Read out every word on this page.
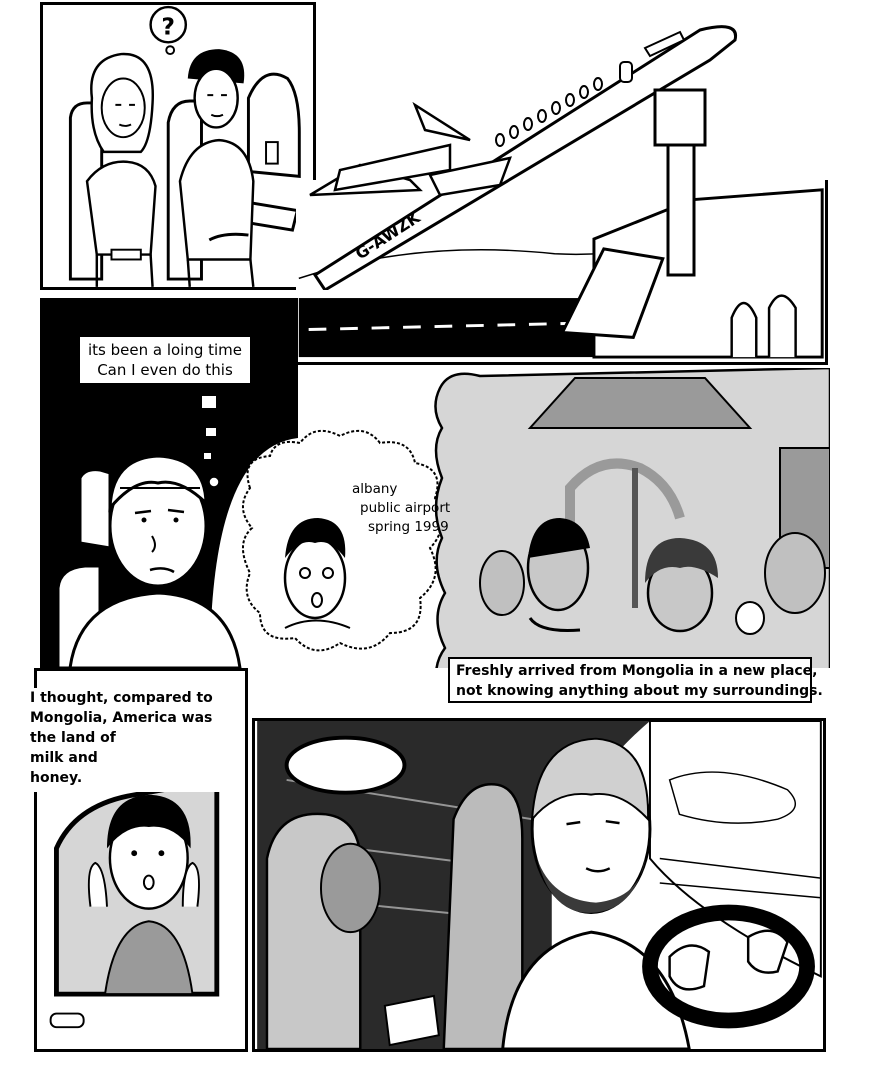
?
G-AWZK
its been a loing time
Can I even do this
albany
public airport
spring 1999
Freshly arrived from Mongolia in a new place,
not knowing anything about my surroundings.
I thought, compared to
Mongolia, America was
the land of
milk and
honey.
